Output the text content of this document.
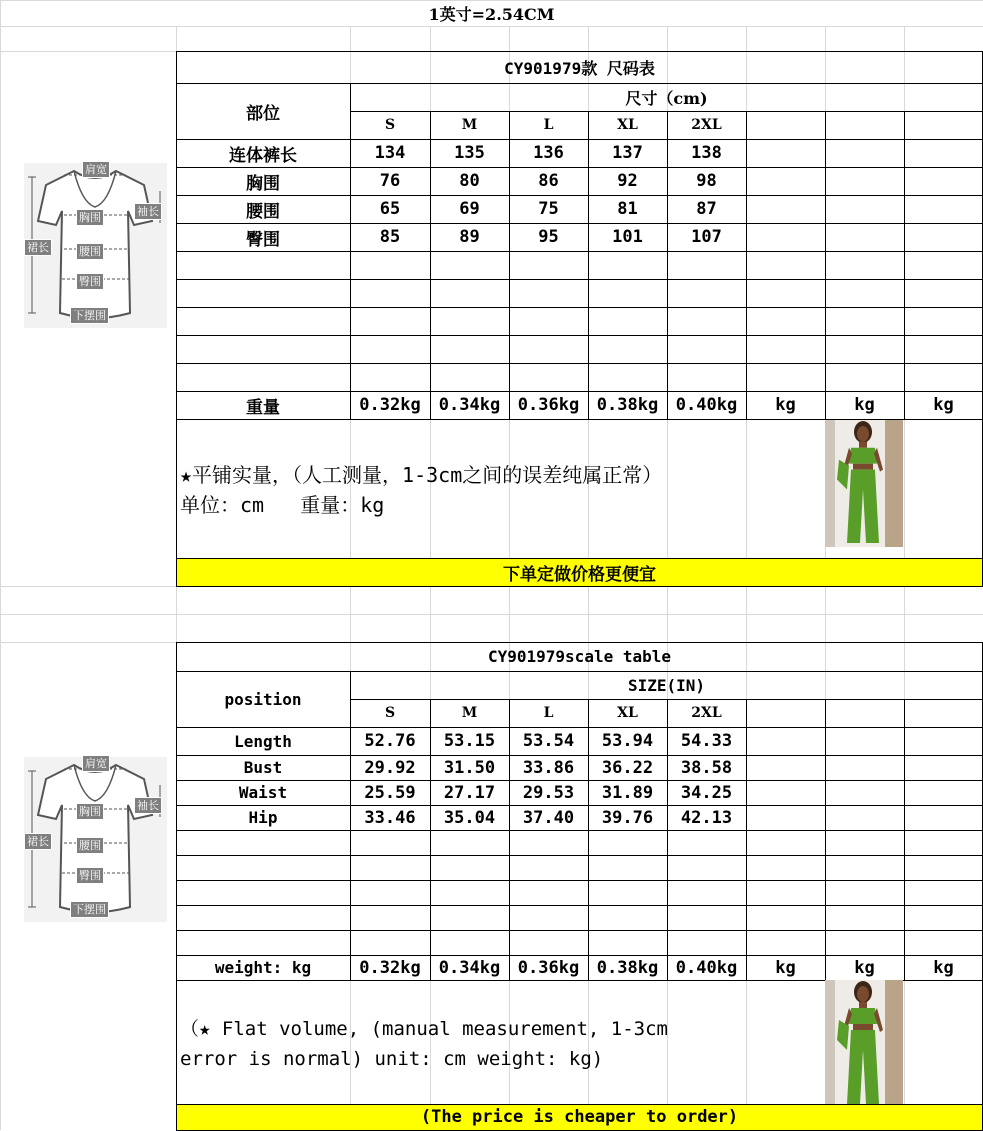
1英寸=2.54CM
CY901979款 尺码表
部位
尺寸（cm)
S	M	L	XL	2XL
连体裤长	134	135	136	137	138
胸围	76	80	86	92	98
腰围	65	69	75	81	87
臀围	85	89	95	101	107
重量	0.32kg	0.34kg	0.36kg	0.38kg	0.40kg	kg	kg	kg
★平铺实量，（人工测量，1-3cm之间的误差纯属正常）
单位：cm   重量：kg
下单定做价格更便宜
肩宽
袖长
胸围
裙长	腰围
臀围
下摆围
CY901979scale table
position
SIZE(IN)
S	M	L	XL	2XL
Length	52.76	53.15	53.54	53.94	54.33
Bust	29.92	31.50	33.86	36.22	38.58
Waist	25.59	27.17	29.53	31.89	34.25
Hip	33.46	35.04	37.40	39.76	42.13
weight: kg	0.32kg	0.34kg	0.36kg	0.38kg	0.40kg	kg	kg	kg
（★ Flat volume, (manual measurement, 1-3cm
error is normal) unit: cm weight: kg)
(The price is cheaper to order)
肩宽
袖长
胸围
裙长	腰围
臀围
下摆围
